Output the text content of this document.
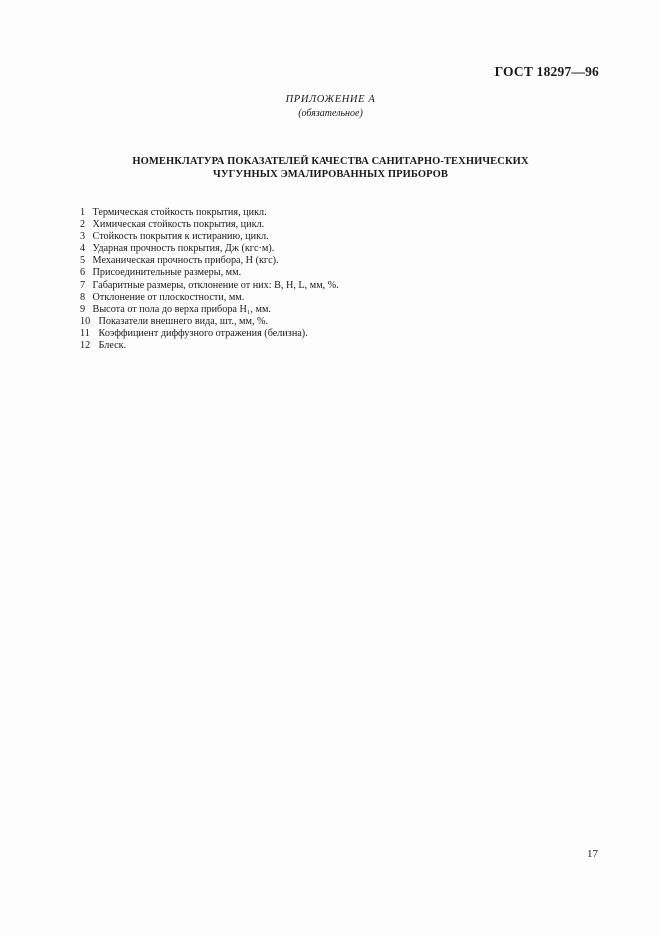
ГОСТ 18297—96
ПРИЛОЖЕНИЕ А
(обязательное)
НОМЕНКЛАТУРА ПОКАЗАТЕЛЕЙ КАЧЕСТВА САНИТАРНО-ТЕХНИЧЕСКИХ
ЧУГУННЫХ ЭМАЛИРОВАННЫХ ПРИБОРОВ
1 Термическая стойкость покрытия, цикл.
2 Химическая стойкость покрытия, цикл.
3 Стойкость покрытия к истиранию, цикл.
4 Ударная прочность покрытия, Дж (кгс·м).
5 Механическая прочность прибора, Н (кгс).
6 Присоединительные размеры, мм.
7 Габаритные размеры, отклонение от них: B, H, L, мм, %.
8 Отклонение от плоскостности, мм.
9 Высота от пола до верха прибора H₁, мм.
10 Показатели внешнего вида, шт., мм, %.
11 Коэффициент диффузного отражения (белизна).
12 Блеск.
17
